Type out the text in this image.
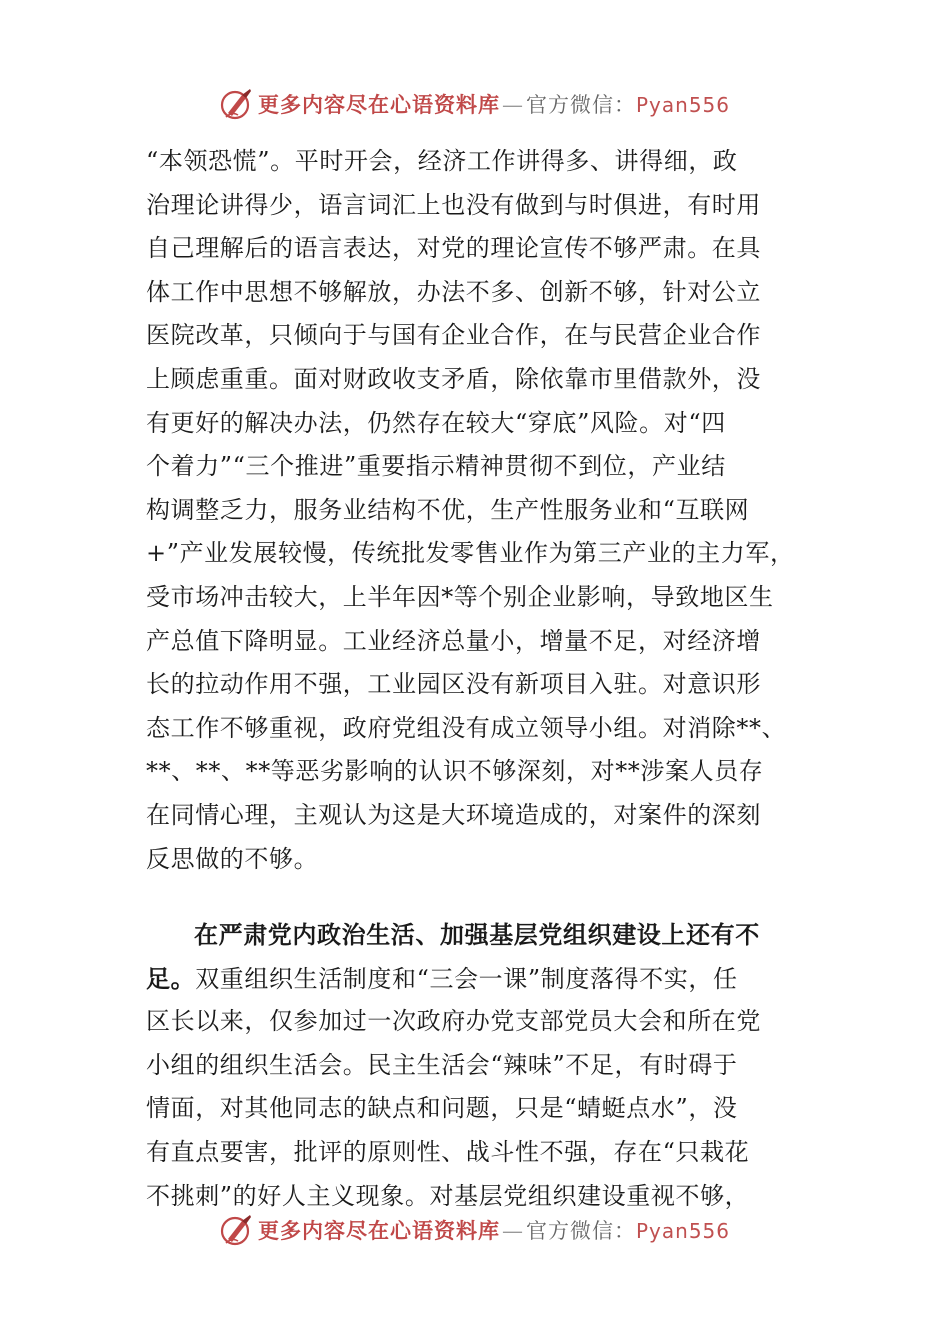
更多内容尽在心语资料库—官方微信：Pyan556
“本领恐慌”。平时开会，经济工作讲得多、讲得细，政
治理论讲得少，语言词汇上也没有做到与时俱进，有时用
自己理解后的语言表达，对党的理论宣传不够严肃。在具
体工作中思想不够解放，办法不多、创新不够，针对公立
医院改革，只倾向于与国有企业合作，在与民营企业合作
上顾虑重重。面对财政收支矛盾，除依靠市里借款外，没
有更好的解决办法，仍然存在较大“穿底”风险。对“四
个着力”“三个推进”重要指示精神贯彻不到位，产业结
构调整乏力，服务业结构不优，生产性服务业和“互联网
+”产业发展较慢，传统批发零售业作为第三产业的主力军，
受市场冲击较大，上半年因*等个别企业影响，导致地区生
产总值下降明显。工业经济总量小，增量不足，对经济增
长的拉动作用不强，工业园区没有新项目入驻。对意识形
态工作不够重视，政府党组没有成立领导小组。对消除**、
**、**、**等恶劣影响的认识不够深刻，对**涉案人员存
在同情心理，主观认为这是大环境造成的，对案件的深刻
反思做的不够。
在严肃党内政治生活、加强基层党组织建设上还有不
足。双重组织生活制度和“三会一课”制度落得不实，任
区长以来，仅参加过一次政府办党支部党员大会和所在党
小组的组织生活会。民主生活会“辣味”不足，有时碍于
情面，对其他同志的缺点和问题，只是“蜻蜓点水”，没
有直点要害，批评的原则性、战斗性不强，存在“只栽花
不挑刺”的好人主义现象。对基层党组织建设重视不够，
更多内容尽在心语资料库—官方微信：Pyan556
